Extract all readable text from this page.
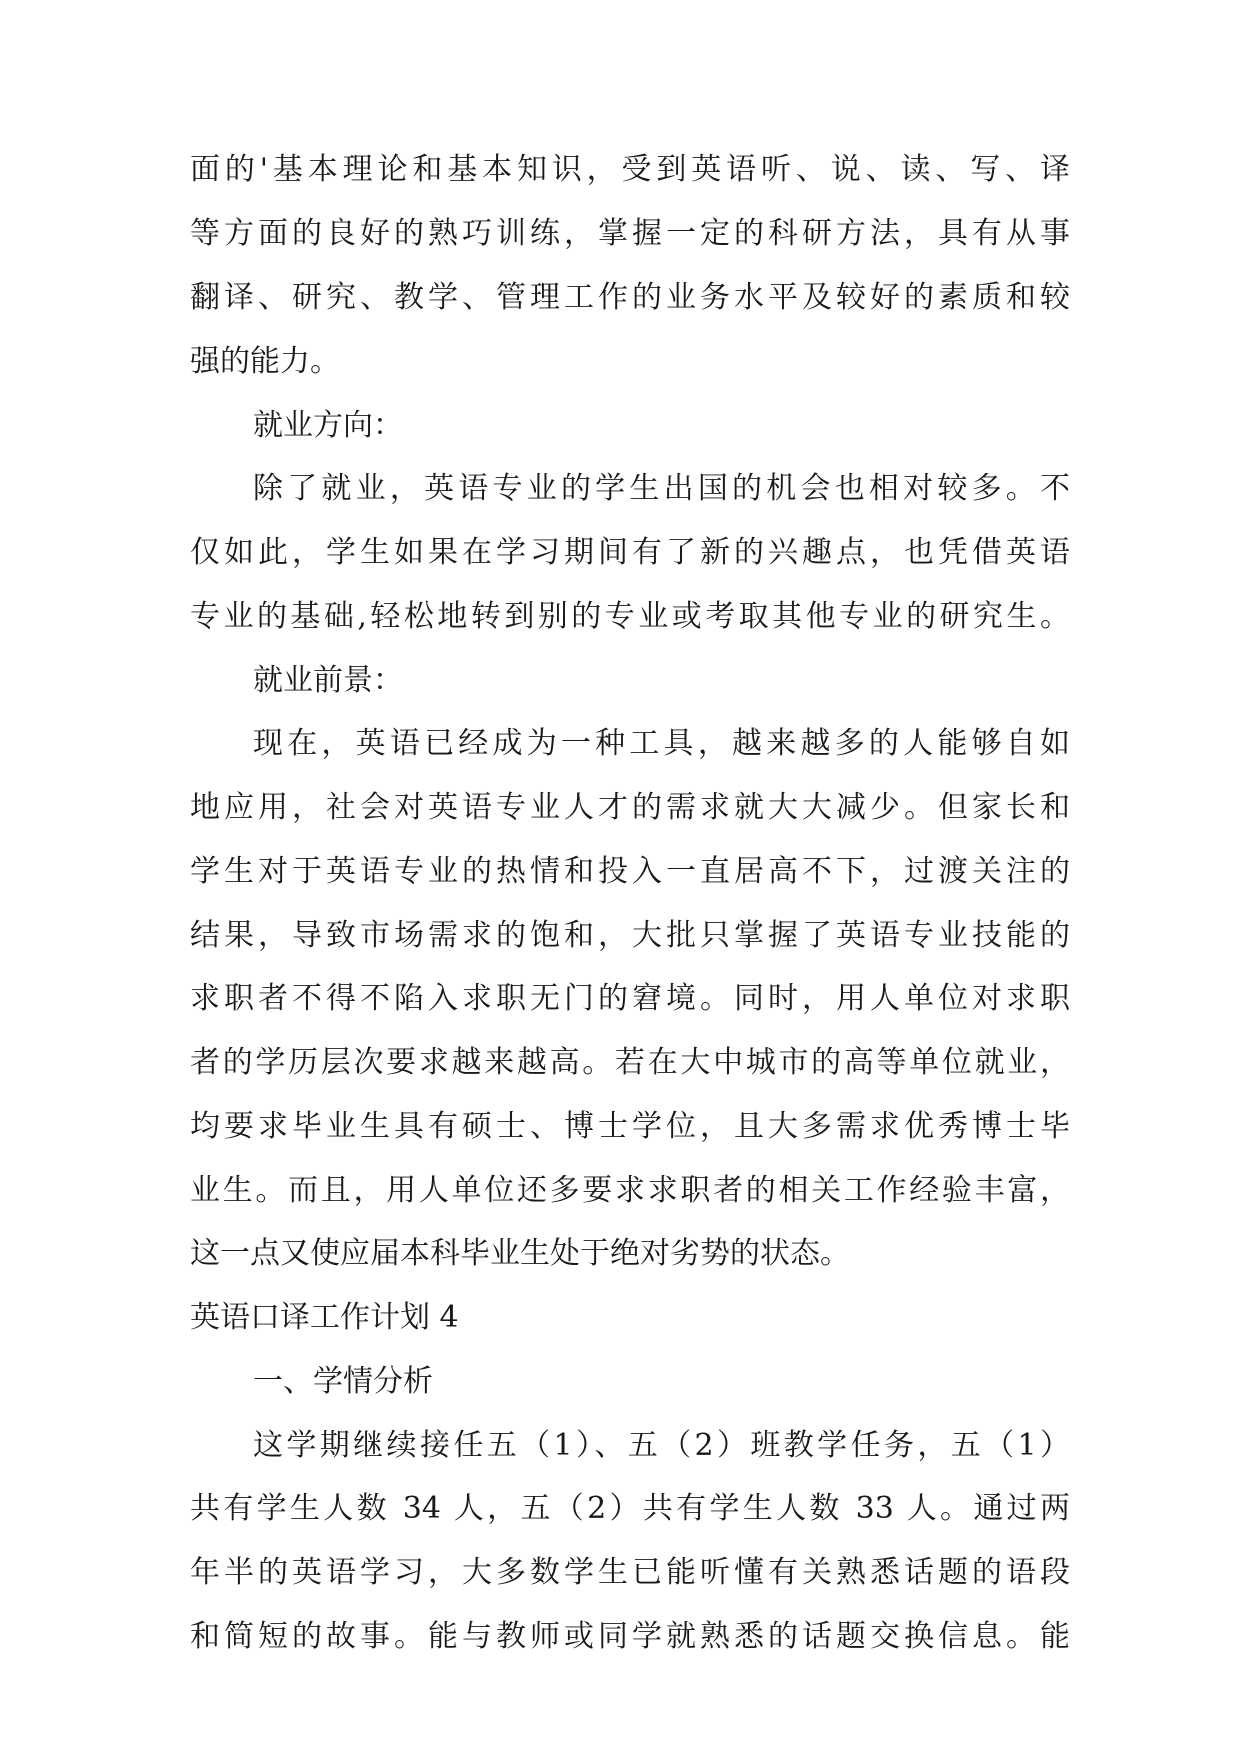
面的'基本理论和基本知识，受到英语听、说、读、写、译

等方面的良好的熟巧训练，掌握一定的科研方法，具有从事

翻译、研究、教学、管理工作的业务水平及较好的素质和较

强的能力。

就业方向：

除了就业，英语专业的学生出国的机会也相对较多。不

仅如此，学生如果在学习期间有了新的兴趣点，也凭借英语

专业的基础,轻松地转到别的专业或考取其他专业的研究生。

就业前景：

现在，英语已经成为一种工具，越来越多的人能够自如

地应用，社会对英语专业人才的需求就大大减少。但家长和

学生对于英语专业的热情和投入一直居高不下，过渡关注的

结果，导致市场需求的饱和，大批只掌握了英语专业技能的

求职者不得不陷入求职无门的窘境。同时，用人单位对求职

者的学历层次要求越来越高。若在大中城市的高等单位就业，

均要求毕业生具有硕士、博士学位，且大多需求优秀博士毕

业生。而且，用人单位还多要求求职者的相关工作经验丰富，

这一点又使应届本科毕业生处于绝对劣势的状态。

英语口译工作计划 4

一、学情分析

这学期继续接任五（1）、五（2）班教学任务，五（1）

共有学生人数 34 人，五（2）共有学生人数 33 人。通过两

年半的英语学习，大多数学生已能听懂有关熟悉话题的语段

和简短的故事。能与教师或同学就熟悉的话题交换信息。能
